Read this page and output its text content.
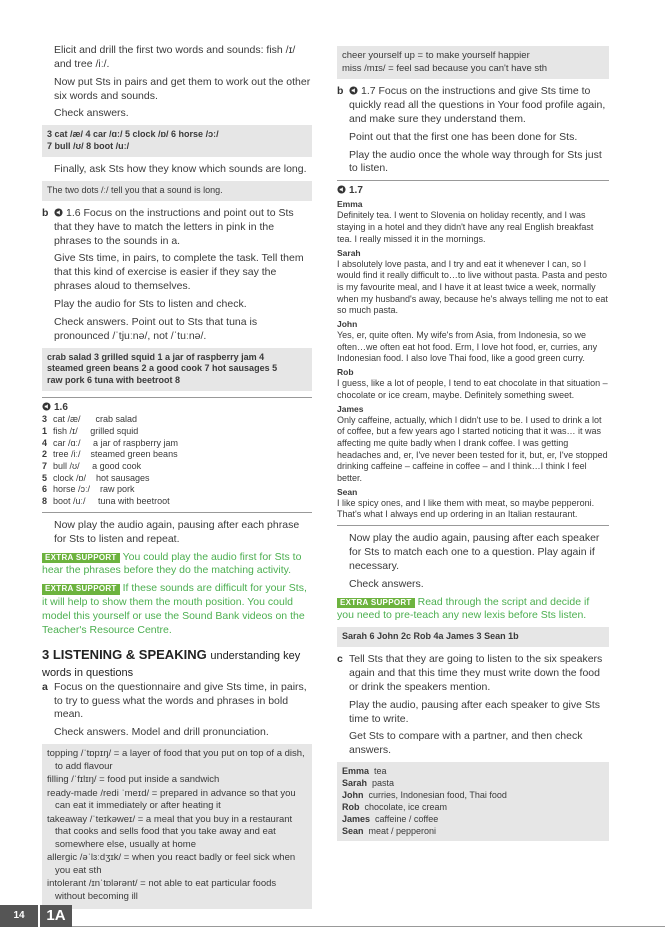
Elicit and drill the first two words and sounds: fish /ɪ/ and tree /iː/.

Now put Sts in pairs and get them to work out the other six words and sounds.

Check answers.

3 cat /æ/ 4 car /ɑː/ 5 clock /ɒ/ 6 horse /ɔː/
7 bull /ʊ/ 8 boot /uː/

Finally, ask Sts how they know which sounds are long.

The two dots /ː/ tell you that a sound is long.

b 1.6 Focus on the instructions and point out to Sts that they have to match the letters in pink in the phrases to the sounds in a.

Give Sts time, in pairs, to complete the task. Tell them that this kind of exercise is easier if they say the phrases aloud to themselves.

Play the audio for Sts to listen and check.

Check answers. Point out to Sts that tuna is pronounced /ˈtjuːnə/, not /ˈtuːnə/.

crab salad 3 grilled squid 1 a jar of raspberry jam 4
steamed green beans 2 a good cook 7 hot sausages 5
raw pork 6 tuna with beetroot 8
1.6
3 cat /æ/      crab salad
1 fish /ɪ/     grilled squid
4 car /ɑː/     a jar of raspberry jam
2 tree /iː/    steamed green beans
7 bull /ʊ/     a good cook
5 clock /ɒ/    hot sausages
6 horse /ɔː/    raw pork
8 boot /uː/     tuna with beetroot

Now play the audio again, pausing after each phrase for Sts to listen and repeat.

EXTRA SUPPORT You could play the audio first for Sts to hear the phrases before they do the matching activity.

EXTRA SUPPORT If these sounds are difficult for your Sts, it will help to show them the mouth position. You could model this yourself or use the Sound Bank videos on the Teacher's Resource Centre.

3 LISTENING & SPEAKING understanding key words in questions

a Focus on the questionnaire and give Sts time, in pairs, to try to guess what the words and phrases in bold mean.

Check answers. Model and drill pronunciation.

topping /ˈtɒpɪŋ/ = a layer of food that you put on top of a dish, to add flavour
filling /ˈfɪlɪŋ/ = food put inside a sandwich
ready-made /redi ˈmeɪd/ = prepared in advance so that you can eat it immediately or after heating it
takeaway /ˈteɪkəweɪ/ = a meal that you buy in a restaurant that cooks and sells food that you take away and eat somewhere else, usually at home
allergic /əˈlɜːdʒɪk/ = when you react badly or feel sick when you eat sth
intolerant /ɪnˈtɒlərənt/ = not able to eat particular foods without becoming ill
cheer yourself up = to make yourself happier
miss /mɪs/ = feel sad because you can't have sth

b 1.7 Focus on the instructions and give Sts time to quickly read all the questions in Your food profile again, and make sure they understand them.

Point out that the first one has been done for Sts.

Play the audio once the whole way through for Sts just to listen.

1.7
Emma
Definitely tea. I went to Slovenia on holiday recently, and I was staying in a hotel and they didn't have any real English breakfast tea. I really missed it in the mornings.
Sarah
I absolutely love pasta, and I try and eat it whenever I can, so I would find it really difficult to…to live without pasta. Pasta and pesto is my favourite meal, and I have it at least twice a week, normally when my husband's away, because he's always telling me not to eat so much pasta.
John
Yes, er, quite often. My wife's from Asia, from Indonesia, so we often…we often eat hot food. Erm, I love hot food, er, curries, any Indonesian food. I also love Thai food, like a good green curry.
Rob
I guess, like a lot of people, I tend to eat chocolate in that situation – chocolate or ice cream, maybe. Definitely something sweet.
James
Only caffeine, actually, which I didn't use to be. I used to drink a lot of coffee, but a few years ago I started noticing that it was… it was affecting me quite badly when I drank coffee. I was getting headaches and, er, I've never been tested for it, but, er, I've stopped drinking caffeine – caffeine in coffee – and I think…I think I feel better.
Sean
I like spicy ones, and I like them with meat, so maybe pepperoni. That's what I always end up ordering in an Italian restaurant.

Now play the audio again, pausing after each speaker for Sts to match each one to a question. Play again if necessary.

Check answers.

EXTRA SUPPORT Read through the script and decide if you need to pre-teach any new lexis before Sts listen.

Sarah 6 John 2c Rob 4a James 3 Sean 1b

c Tell Sts that they are going to listen to the six speakers again and that this time they must write down the food or drink the speakers mention.

Play the audio, pausing after each speaker to give Sts time to write.

Get Sts to compare with a partner, and then check answers.

Emma  tea
Sarah  pasta
John  curries, Indonesian food, Thai food
Rob  chocolate, ice cream
James  caffeine / coffee
Sean  meat / pepperoni
14	1A
